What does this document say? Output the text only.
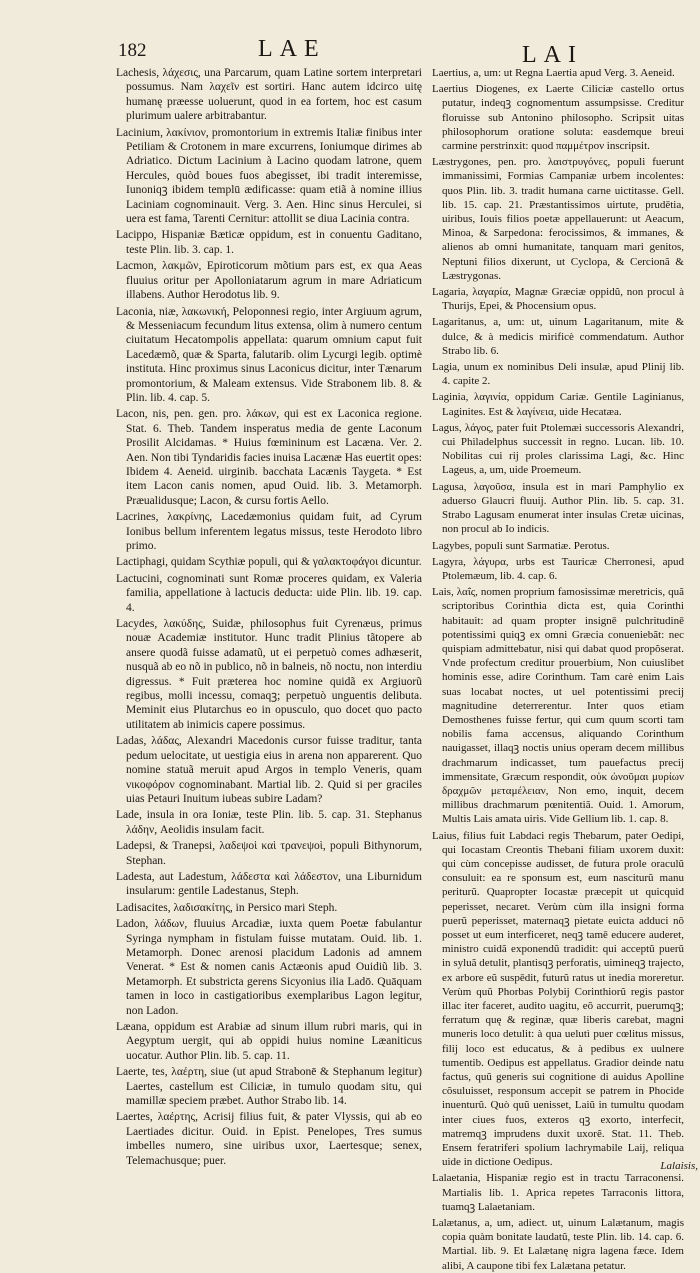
182	LAE	LAI

Lachesis, λάχεσις, una Parcarum, quam Latine sortem interpretari possumus. Nam λαχεῖν est sortiri. Hanc autem idcirco uitę humanę præesse uoluerunt, quod in ea fortem, hoc est casum plurimum ualere arbitrabantur.

Lacinium, λακίνιον, promontorium in extremis Italiæ finibus inter Petiliam & Crotonem in mare excurrens, Ioniumque dirimes ab Adriatico. Dictum Lacinium à Lacino quodam latrone, quem Hercules, quòd boues fuos abegisset, ibi tradit interemisse, Iunoniqꝫ ibidem templū ædificasse: quam etiã à nomine illius Laciniam cognominauit. Verg. 3. Aen. Hinc sinus Herculei, si uera est fama, Tarenti Cernitur: attollit se diua Lacinia contra.

Lacippo, Hispaniæ Bæticæ oppidum, est in conuentu Gaditano, teste Plin. lib. 3. cap. 1.

Lacmon, λακμῶν, Epiroticorum mõtium pars est, ex qua Aeas fluuius oritur per Apolloniatarum agrum in mare Adriaticum illabens. Author Herodotus lib. 9.

Laconia, niæ, λακωνική, Peloponnesi regio, inter Argiuum agrum, & Messeniacum fecundum litus extensa, olim à numero centum ciuitatum Hecatompolis appellata: quarum omnium caput fuit Lacedæmõ, quæ & Sparta, falutarib. olim Lycurgi legib. optimè instituta. Hinc proximus sinus Laconicus dicitur, inter Tænarum promontorium, & Maleam extensus. Vide Strabonem lib. 8. & Plin. lib. 4. cap. 5.

Lacon, nis, pen. gen. pro. λάκων, qui est ex Laconica regione. Stat. 6. Theb. Tandem insperatus media de gente Laconum Prosilit Alcidamas. * Huius fœmininum est Lacæna. Ver. 2. Aen. Non tibi Tyndaridis facies inuisa Lacænæ Has euertit opes: Ibidem 4. Aeneid. uirginib. bacchata Lacænis Taygeta. * Est item Lacon canis nomen, apud Ouid. lib. 3. Metamorph. Præualidusque; Lacon, & cursu fortis Aello.

Lacrines, λακρίνης, Lacedæmonius quidam fuit, ad Cyrum Ionibus bellum inferentem legatus missus, teste Herodoto libro primo.

Lactiphagi, quidam Scythiæ populi, qui & γαλακτοφάγοι dicuntur.

Lactucini, cognominati sunt Romæ proceres quidam, ex Valeria familia, appellatione à lactucis deducta: uide Plin. lib. 19. cap. 4.

Lacydes, λακύδης, Suidæ, philosophus fuit Cyrenæus, primus nouæ Academiæ institutor. Hunc tradit Plinius tãtopere ab ansere quodã fuisse adamatũ, ut ei perpetuò comes adhæserit, nusquã ab eo nõ in publico, nõ in balneis, nõ noctu, non interdiu digressus. * Fuit præterea hoc nomine quidã ex Argiuorũ regibus, molli incessu, comaqꝫ; perpetuò unguentis delibuta. Meminit eius Plutarchus eo in opusculo, quo docet quo pacto utilitatem ab inimicis capere possimus.

Ladas, λάδας, Alexandri Macedonis cursor fuisse traditur, tanta pedum uelocitate, ut uestigia eius in arena non apparerent. Quo nomine statuã meruit apud Argos in templo Veneris, quam νικοφόρον cognominabant. Martial lib. 2. Quid si per graciles uias Petauri Inuitum iubeas subire Ladam?

Lade, insula in ora Ioniæ, teste Plin. lib. 5. cap. 31. Stephanus λάδην, Aeolidis insulam facit.

Ladepsi, & Tranepsi, λαδεψοὶ καὶ τρανεψοὶ, populi Bithynorum, Stephan.

Ladesta, aut Ladestum, λάδεστα καὶ λάδεστον, una Liburnidum insularum: gentile Ladestanus, Steph.

Ladisacites, λαδισακίτης, in Persico mari Steph.

Ladon, λάδων, fluuius Arcadiæ, iuxta quem Poetæ fabulantur Syringa nympham in fistulam fuisse mutatam. Ouid. lib. 1. Metamorph. Donec arenosi placidum Ladonis ad amnem Venerat. * Est & nomen canis Actæonis apud Ouidiũ lib. 3. Metamorph. Et substricta gerens Sicyonius ilia Ladō. Quāquam tamen in loco in castigatioribus exemplaribus Lagon legitur, non Ladon.

Læana, oppidum est Arabiæ ad sinum illum rubri maris, qui in Aegyptum uergit, qui ab oppidi huius nomine Læaniticus uocatur. Author Plin. lib. 5. cap. 11.

Laerte, tes, λαέρτη, siue (ut apud Strabonē & Stephanum legitur) Laertes, castellum est Ciliciæ, in tumulo quodam situ, qui mamillæ speciem præbet. Author Strabo lib. 14.

Laertes, λαέρτης, Acrisij filius fuit, & pater Vlyssis, qui ab eo Laertiades dicitur. Ouid. in Epist. Penelopes, Tres sumus imbelles numero, sine uiribus uxor, Laertesque; senex, Telemachusque; puer.

Laertius, a, um: ut Regna Laertia apud Verg. 3. Aeneid.

Laertius Diogenes, ex Laerte Ciliciæ castello ortus putatur, indeqꝫ cognomentum assumpsisse. Creditur floruisse sub Antonino philosopho. Scripsit uitas philosophorum oratione soluta: easdemque breui carmine perstrinxit: quod παμμέτρον inscripsit.

Læstrygones, pen. pro. λαιστρυγόνες, populi fuerunt immanissimi, Formias Campaniæ urbem incolentes: quos Plin. lib. 3. tradit humana carne uictitasse. Gell. lib. 15. cap. 21. Præstantissimos uirtute, prudētia, uiribus, Iouis filios poetæ appellauerunt: ut Aeacum, Minoa, & Sarpedona: ferocissimos, & immanes, & alienos ab omni humanitate, tanquam mari genitos, Neptuni filios dixerunt, ut Cyclopa, & Cercionã & Læstrygonas.

Lagaria, λαγαρία, Magnæ Græciæ oppidũ, non procul à Thurijs, Epei, & Phocensium opus.

Lagaritanus, a, um: ut, uinum Lagaritanum, mite & dulce, & à medicis mirificè commendatum. Author Strabo lib. 6.

Lagia, unum ex nominibus Deli insulæ, apud Plinij lib. 4. capite 2.

Laginia, λαγινία, oppidum Cariæ. Gentile Laginianus, Laginites. Est & λαγίνεια, uide Hecatæa.

Lagus, λάγος, pater fuit Ptolemæi successoris Alexandri, cui Philadelphus successit in regno. Lucan. lib. 10. Nobilitas cui rij proles clarissima Lagi, &c. Hinc Lageus, a, um, uide Proemeum.

Lagusa, λαγοῦσα, insula est in mari Pamphylio ex aduerso Glaucri fluuij. Author Plin. lib. 5. cap. 31. Strabo Lagusam enumerat inter insulas Cretæ uicinas, non procul ab Io indicis.

Lagybes, populi sunt Sarmatiæ. Perotus.

Lagyra, λάγυρα, urbs est Tauricæ Cherronesi, apud Ptolemæum, lib. 4. cap. 6.

Lais, λαΐς, nomen proprium famosissimæ meretricis, quã scriptoribus Corinthia dicta est, quia Corinthi habitauit: ad quam propter insignē pulchritudinē potentissimi quiqꝫ ex omni Græcia conueniebãt: nec quispiam admittebatur, nisi qui dabat quod propõserat. Vnde profectum creditur prouerbium, Non cuiuslibet hominis esse, adire Corinthum. Tam carè enim Lais suas locabat noctes, ut uel potentissimi precij magnitudine deterrerentur. Inter quos etiam Demosthenes fuisse fertur, qui cum quum scorti tam nobilis fama accensus, aliquando Corinthum nauigasset, illaqꝫ noctis unius operam decem millibus drachmarum indicasset, tum pauefactus precij immensitate, Græcum respondit, οὐκ ὠνοῦμαι μυρίων δραχμῶν μεταμέλειαν, Non emo, inquit, decem millibus drachmarum pœnitentiã. Ouid. 1. Amorum, Multis Lais amata uiris. Vide Gellium lib. 1. cap. 8.

Laius, filius fuit Labdaci regis Thebarum, pater Oedipi, qui Iocastam Creontis Thebani filiam uxorem duxit: qui cùm concepisse audisset, de futura prole oraculũ consuluit: ea re sponsum est, eum nasciturũ manu periturũ. Quapropter Iocastæ præcepit ut quicquid peperisset, necaret. Verùm cùm illa insigni forma puerũ peperisset, maternaqꝫ pietate euicta adduci nõ posset ut eum interficeret, neqꝫ tamē educere auderet, ministro cuidã exponendũ tradidit: qui acceptũ puerũ in syluã detulit, plantisqꝫ perforatis, uimineqꝫ trajecto, ex arbore eũ suspēdit, futurũ ratus ut inedia moreretur. Verùm quũ Phorbas Polybij Corinthiorũ regis pastor illac iter faceret, audito uagitu, eõ accurrit, puerumqꝫ; ferratum quę & reginæ, quæ liberis carebat, magni muneris loco detulit: à qua uelutì puer cœlitus missus, filij loco est educatus, & à pedibus ex uulnere tumentib. Oedipus est appellatus. Gradior deinde natu factus, quũ generis sui cognitione di auidus Apolline cõsuluisset, responsum accepit se patrem in Phocide inuenturũ. Quò quũ uenisset, Laiũ in tumultu quodam inter ciues fuos, exteros qꝫ exorto, interfecit, matremqꝫ imprudens duxit uxorẽ. Stat. 11. Theb. Ensem feratriferi spolium lachrymabile Laij, reliqua uide in dictione Oedipus.

Lalaetania, Hispaniæ regio est in tractu Tarraconensi. Martialis lib. 1. Aprica repetes Tarraconis littora, tuamqꝫ Lalaetaniam.

Lalætanus, a, um, adiect. ut, uinum Lalætanum, magis copia quàm bonitate laudatũ, teste Plin. lib. 14. cap. 6. Martial. lib. 9. Et Lalætanę nigra lagena fæce. Idem alibi, A caupone tibi fex Lalætana petatur.

Lalaisis,
